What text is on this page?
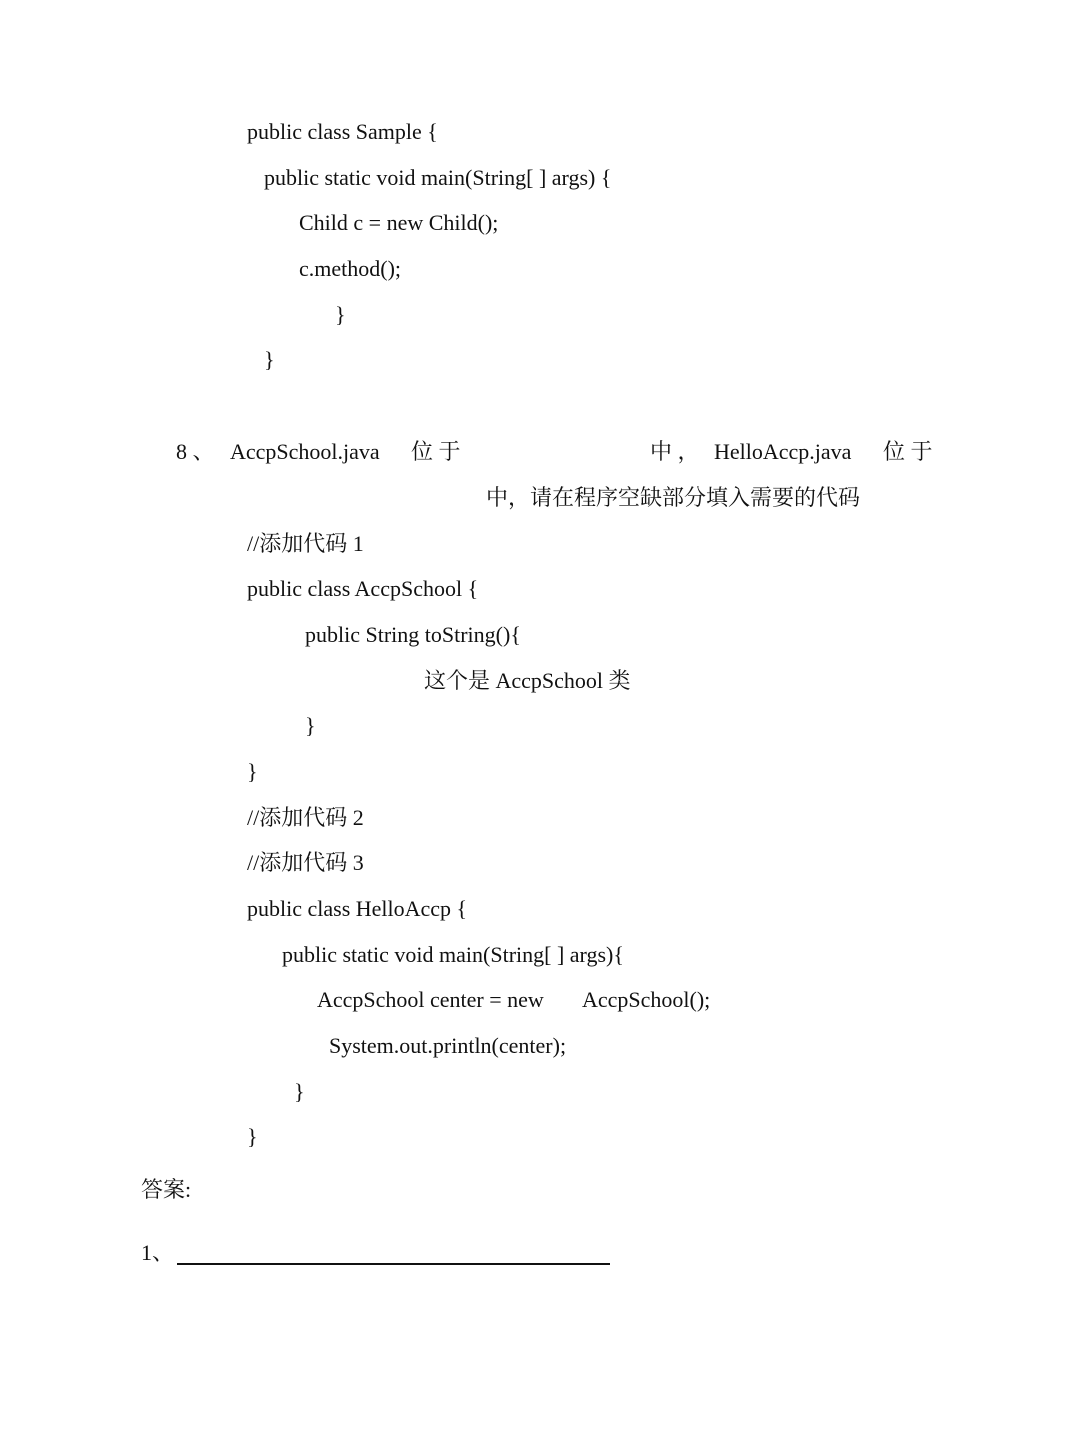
public class Sample {
public static void main(String[ ] args) {
Child c = new Child();
c.method();
}
}
8 、 AccpSchool.java 位 于	中 ， HelloAccp.java 位 于
中，请在程序空缺部分填入需要的代码
//添加代码 1
public class AccpSchool {
public String toString(){
这个是 AccpSchool 类
}
}
//添加代码 2
//添加代码 3
public class HelloAccp {
public static void main(String[ ] args){
AccpSchool center = new AccpSchool();
System.out.println(center);
}
}
答案:
1、
